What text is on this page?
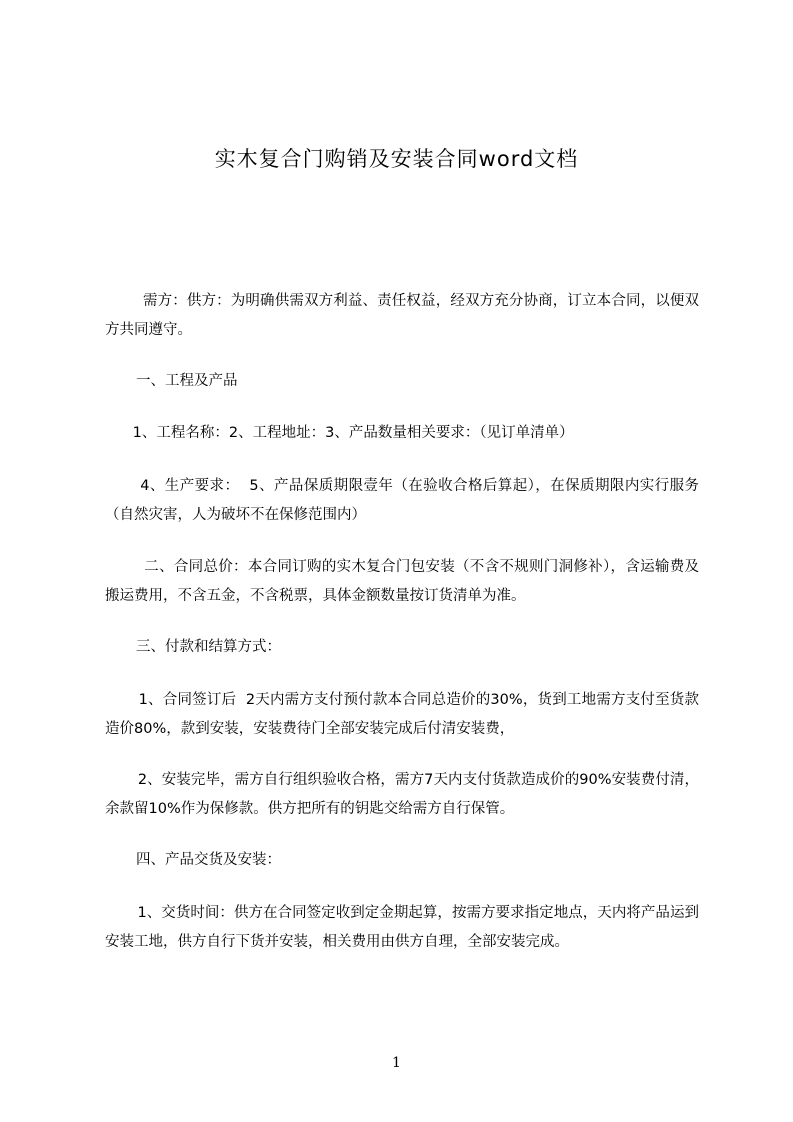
实木复合门购销及安装合同word文档
需方：供方：为明确供需双方利益、责任权益，经双方充分协商，订立本合同，以便双方共同遵守。
一、工程及产品
1、工程名称：2、工程地址：3、产品数量相关要求：（见订单清单）
4、生产要求：  5、产品保质期限壹年（在验收合格后算起），在保质期限内实行服务（自然灾害，人为破坏不在保修范围内）
二、合同总价：本合同订购的实木复合门包安装（不含不规则门洞修补），含运输费及搬运费用，不含五金，不含税票，具体金额数量按订货清单为准。
三、付款和结算方式：
1、合同签订后  2天内需方支付预付款本合同总造价的30%，货到工地需方支付至货款造价80%，款到安装，安装费待门全部安装完成后付清安装费，
2、安装完毕，需方自行组织验收合格，需方7天内支付货款造成价的90%安装费付清，余款留10%作为保修款。供方把所有的钥匙交给需方自行保管。
四、产品交货及安装：
1、交货时间：供方在合同签定收到定金期起算，按需方要求指定地点，天内将产品运到安装工地，供方自行下货并安装，相关费用由供方自理，全部安装完成。
1
